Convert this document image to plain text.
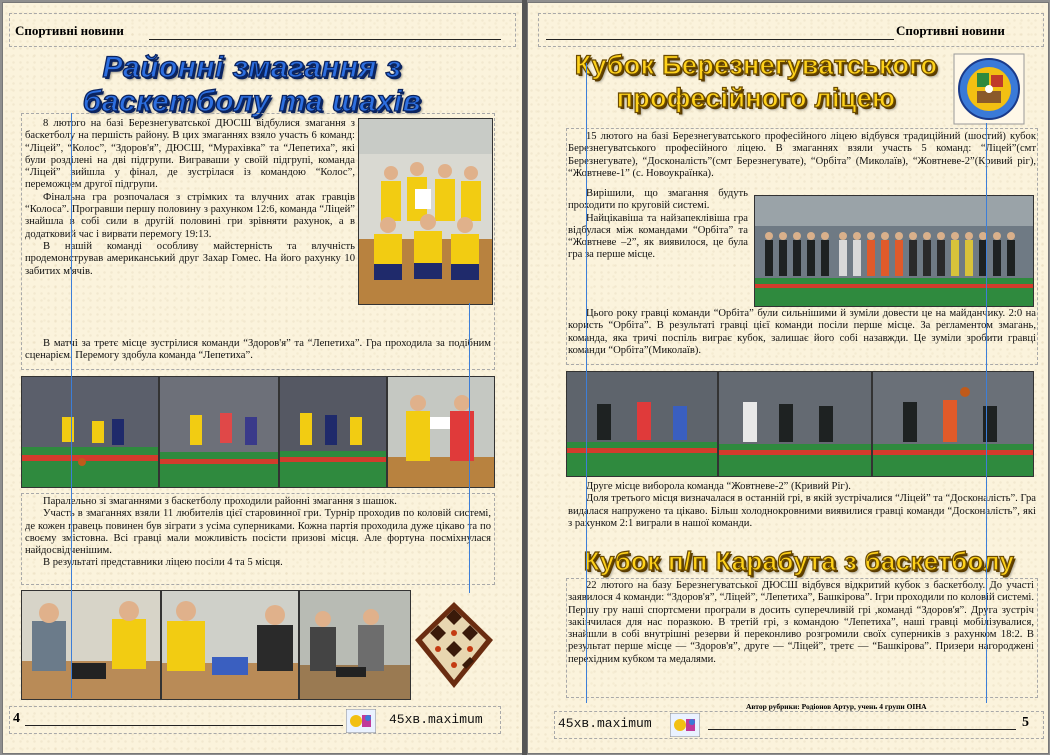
Спортивні новини
Районні змагання з баскетболу та шахів

8 лютого на базі Березнегуватської ДЮСШ відбулися змагання з баскетболу на першість району. В цих змаганнях взяло участь 6 команд: “Ліцей”, “Колос”, “Здоров'я”, ДЮСШ, “Мурахівка” та “Лепетиха”, які були розділені на дві підгрупи. Виграваши у своїй підгрупі, команда “Ліцей” вийшла у фінал, де зустрілася із командою “Колос”, переможцем другої підгрупи.

Фінальна гра розпочалася з стрімких та влучних атак гравців “Колоса”. Програвши першу половину з рахунком 12:6, команда “Ліцей” знайшла в собі сили в другій половині гри зрівняти рахунок, а в додатковий час і вирвати перемогу 19:13.

В нашій команді особливу майстерність та влучність продемонстрував американський друг Захар Гомес. На його рахунку 10 забитих м'ячів.

В матчі за третє місце зустрілися команди “Здоров'я” та “Лепетиха”. Гра проходила за подібним сценарієм. Перемогу здобула команда “Лепетиха”.

Паралельно зі змаганнями з баскетболу проходили районні змагання з шашок.

Участь в змаганнях взяли 11 любителів цієї старовинної гри. Турнір проходив по коловій системі, де кожен гравець повинен був зіграти з усіма суперниками. Кожна партія проходила дуже цікаво та по своєму змістовна. Всі гравці мали можливість посісти призові місця. Але фортуна посміхнулася найдосвідченішим.

В результаті представники ліцею посіли 4 та 5 місця.

4	45хв.maximum
Спортивні новини
Кубок Березнегуватського професійного ліцею

15 лютого на базі Березнегуватського професійного ліцею відбувся традиційний (шостий) кубок Березнегуватського професійного ліцею. В змаганнях взяли участь 5 команд: “Ліцей”(смт Березнегувате), “Досконалість”(смт Березнегувате), “Орбіта” (Миколаїв), “Жовтневе-2”(Кривий ріг), “Жовтневе-1” (с. Новоукраїнка).

Вирішили, що змагання будуть проходити по круговій системі.

Найцікавіша та найзапеклівіша гра відбулася між командами “Орбіта” та “Жовтневе –2”, як виявилося, це була гра за перше місце.

Цього року гравці команди “Орбіта” були сильнішими й зуміли довести це на майданчику. 2:0 на користь “Орбіта”. В результаті гравці цієї команди посіли перше місце. За регламентом змагань, команда, яка тричі поспіль виграє кубок, залишає його собі назавжди. Це зуміли зробити гравці команди “Орбіта”(Миколаїв).

Друге місце виборола команда “Жовтневе-2” (Кривий Ріг).

Доля третього місця визначалася в останній грі, в якій зустрічалися “Ліцей” та “Досконалість”. Гра видалася напружено та цікаво. Більш холоднокровними виявилися гравці команди “Досконалість”, які з рахунком 2:1 виграли в нашої команди.

Кубок п/п Карабута з баскетболу

22 лютого на базу Березнегуватської ДЮСШ відбувся відкритий кубок з баскетболу. До участі заявилося 4 команди: “Здоров'я”, “Ліцей”, “Лепетиха”, Башкірова”. Ігри проходили по коловій системі. Першу гру наші спортсмени програли в досить суперечливій грі ,команді “Здоров'я”. Друга зустріч закінчилася для нас поразкою. В третій грі, з командою “Лепетиха”, наші гравці мобілізувалися, знайшли в собі внутрішні резерви й переконливо розгромили своїх суперників з рахунком 18:2. В результат перше місце — “Здоров'я”, друге — “Ліцей”, третє — “Башкірова”. Призери нагороджені перехідним кубком та медалями.

Автор рубрики: Родіонов Артур, учень 4 групи ОІНА
45хв.maximum	5
